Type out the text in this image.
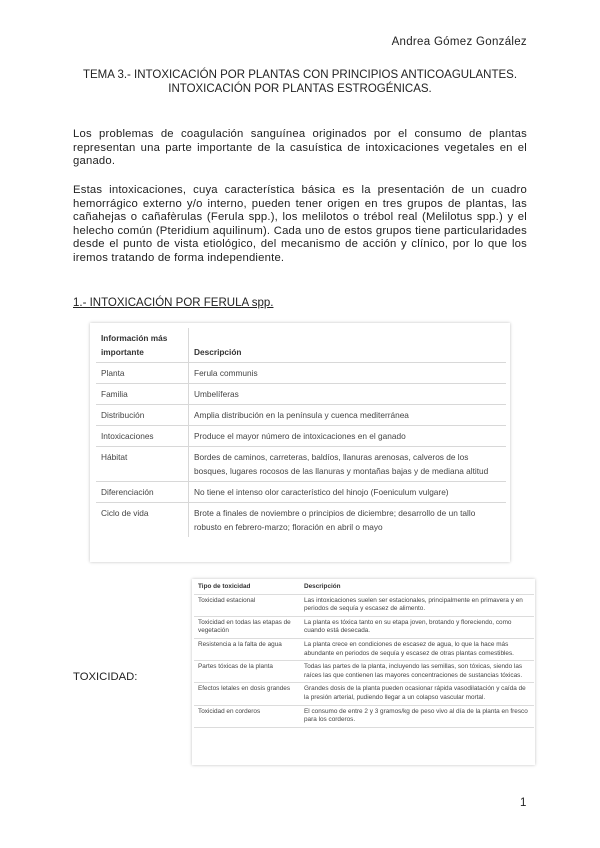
Andrea Gómez González
TEMA 3.- INTOXICACIÓN POR PLANTAS CON PRINCIPIOS ANTICOAGULANTES.
INTOXICACIÓN POR PLANTAS ESTROGÉNICAS.
Los problemas de coagulación sanguínea originados por el consumo de plantas representan una parte importante de la casuística de intoxicaciones vegetales en el ganado.
Estas intoxicaciones, cuya característica básica es la presentación de un cuadro hemorrágico externo y/o interno, pueden tener origen en tres grupos de plantas, las cañahejas o cañafèrulas (Ferula spp.), los melilotos o trébol real (Melilotus spp.) y el helecho común (Pteridium aquilinum). Cada uno de estos grupos tiene particularidades desde el punto de vista etiológico, del mecanismo de acción y clínico, por lo que los iremos tratando de forma independiente.
1.- INTOXICACIÓN POR FERULA spp.
Información más importante	Descripción
Planta	Ferula communis
Familia	Umbelíferas
Distribución	Amplia distribución en la península y cuenca mediterránea
Intoxicaciones	Produce el mayor número de intoxicaciones en el ganado
Hábitat	Bordes de caminos, carreteras, baldíos, llanuras arenosas, calveros de los bosques, lugares rocosos de las llanuras y montañas bajas y de mediana altitud
Diferenciación	No tiene el intenso olor característico del hinojo (Foeniculum vulgare)
Ciclo de vida	Brote a finales de noviembre o principios de diciembre; desarrollo de un tallo robusto en febrero-marzo; floración en abril o mayo
TOXICIDAD:
Tipo de toxicidad	Descripción
Toxicidad estacional	Las intoxicaciones suelen ser estacionales, principalmente en primavera y en periodos de sequía y escasez de alimento.
Toxicidad en todas las etapas de vegetación	La planta es tóxica tanto en su etapa joven, brotando y floreciendo, como cuando está desecada.
Resistencia a la falta de agua	La planta crece en condiciones de escasez de agua, lo que la hace más abundante en periodos de sequía y escasez de otras plantas comestibles.
Partes tóxicas de la planta	Todas las partes de la planta, incluyendo las semillas, son tóxicas, siendo las raíces las que contienen las mayores concentraciones de sustancias tóxicas.
Efectos letales en dosis grandes	Grandes dosis de la planta pueden ocasionar rápida vasodilatación y caída de la presión arterial, pudiendo llegar a un colapso vascular mortal.
Toxicidad en corderos	El consumo de entre 2 y 3 gramos/kg de peso vivo al día de la planta en fresco para los corderos.
1
